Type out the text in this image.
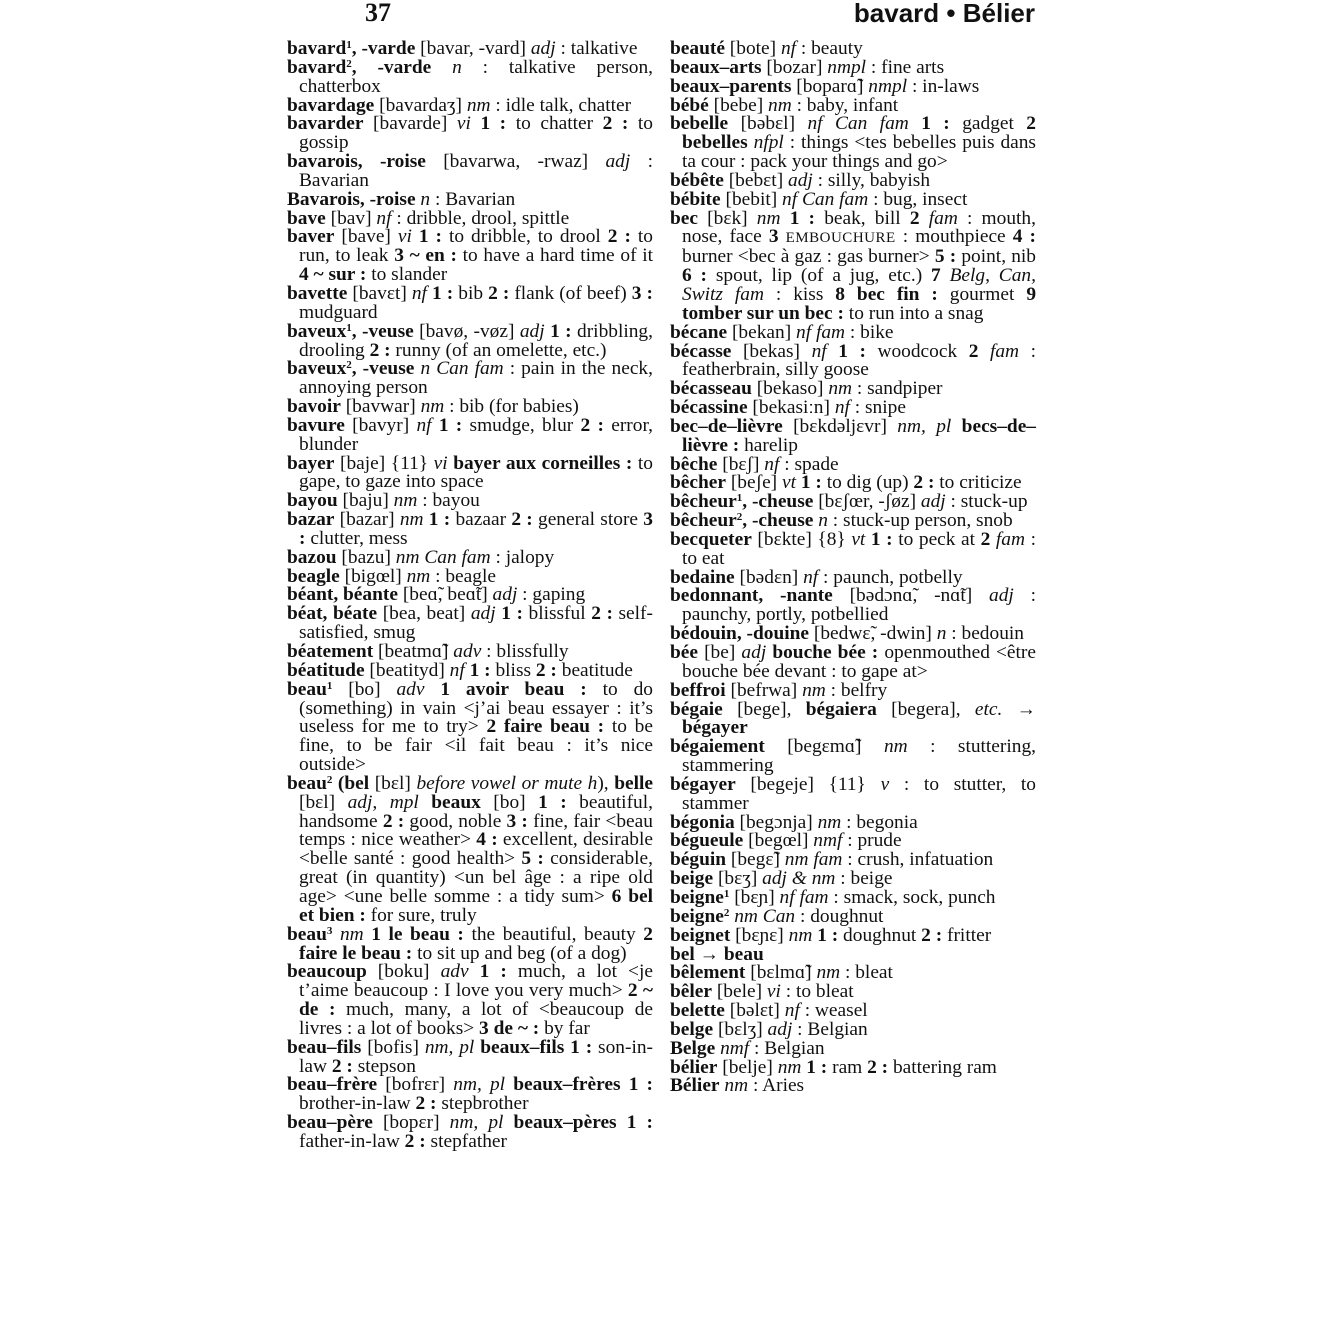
37	bavard • Bélier
bavard$^1$, -varde [bavar, -vard] adj : talkative
bavard$^2$, -varde n : talkative person, chatterbox
bavardage [bavardaʒ] nm : idle talk, chatter
bavarder [bavarde] vi 1 : to chatter 2 : to gossip
bavarois, -roise [bavarwa, -rwaz] adj : Bavarian
Bavarois, -roise n : Bavarian
bave [bav] nf : dribble, drool, spittle
baver [bave] vi 1 : to dribble, to drool 2 : to run, to leak 3 ~ en : to have a hard time of it 4 ~ sur : to slander
bavette [bavɛt] nf 1 : bib 2 : flank (of beef) 3 : mudguard
baveux$^1$, -veuse [bavø, -vøz] adj 1 : dribbling, drooling 2 : runny (of an omelette, etc.)
baveux$^2$, -veuse n Can fam : pain in the neck, annoying person
bavoir [bavwar] nm : bib (for babies)
bavure [bavyr] nf 1 : smudge, blur 2 : error, blunder
bayer [baje] {11} vi bayer aux corneilles : to gape, to gaze into space
bayou [baju] nm : bayou
bazar [bazar] nm 1 : bazaar 2 : general store 3 : clutter, mess
bazou [bazu] nm Can fam : jalopy
beagle [bigœl] nm : beagle
béant, béante [beɑ̃, beɑ̃t] adj : gaping
béat, béate [bea, beat] adj 1 : blissful 2 : self-satisfied, smug
béatement [beatmɑ̃] adv : blissfully
béatitude [beatityd] nf 1 : bliss 2 : beatitude
beau$^1$ [bo] adv 1 avoir beau : to do (something) in vain <j’ai beau essayer : it’s useless for me to try> 2 faire beau : to be fine, to be fair <il fait beau : it’s nice outside>
beau$^2$ (bel [bɛl] before vowel or mute h), belle [bɛl] adj, mpl beaux [bo] 1 : beautiful, handsome 2 : good, noble 3 : fine, fair <beau temps : nice weather> 4 : excellent, desirable <belle santé : good health> 5 : considerable, great (in quantity) <un bel âge : a ripe old age> <une belle somme : a tidy sum> 6 bel et bien : for sure, truly
beau$^3$ nm 1 le beau : the beautiful, beauty 2 faire le beau : to sit up and beg (of a dog)
beaucoup [boku] adv 1 : much, a lot <je t’aime beaucoup : I love you very much> 2 ~ de : much, many, a lot of <beaucoup de livres : a lot of books> 3 de ~ : by far
beau–fils [bofis] nm, pl beaux–fils 1 : son-in-law 2 : stepson
beau–frère [bofrɛr] nm, pl beaux–frères 1 : brother-in-law 2 : stepbrother
beau–père [bopɛr] nm, pl beaux–pères 1 : father-in-law 2 : stepfather
beauté [bote] nf : beauty
beaux–arts [bozar] nmpl : fine arts
beaux–parents [boparɑ̃] nmpl : in-laws
bébé [bebe] nm : baby, infant
bebelle [bəbɛl] nf Can fam 1 : gadget 2 bebelles nfpl : things <tes bebelles puis dans ta cour : pack your things and go>
bébête [bebɛt] adj : silly, babyish
bébite [bebit] nf Can fam : bug, insect
bec [bɛk] nm 1 : beak, bill 2 fam : mouth, nose, face 3 EMBOUCHURE : mouthpiece 4 : burner <bec à gaz : gas burner> 5 : point, nib 6 : spout, lip (of a jug, etc.) 7 Belg, Can, Switz fam : kiss 8 bec fin : gourmet 9 tomber sur un bec : to run into a snag
bécane [bekan] nf fam : bike
bécasse [bekas] nf 1 : woodcock 2 fam : featherbrain, silly goose
bécasseau [bekaso] nm : sandpiper
bécassine [bekasiːn] nf : snipe
bec–de–lièvre [bɛkdəljɛvr] nm, pl becs–de–lièvre : harelip
bêche [bɛʃ] nf : spade
bêcher [beʃe] vt 1 : to dig (up) 2 : to criticize
bêcheur$^1$, -cheuse [bɛʃœr, -ʃøz] adj : stuck-up
bêcheur$^2$, -cheuse n : stuck-up person, snob
becqueter [bɛkte] {8} vt 1 : to peck at 2 fam : to eat
bedaine [bədɛn] nf : paunch, potbelly
bedonnant, -nante [bədɔnɑ̃, -nɑ̃t] adj : paunchy, portly, potbellied
bédouin, -douine [bedwɛ̃, -dwin] n : bedouin
bée [be] adj bouche bée : openmouthed <être bouche bée devant : to gape at>
beffroi [befrwa] nm : belfry
bégaie [bege], bégaiera [begera], etc. → bégayer
bégaiement [begɛmɑ̃] nm : stuttering, stammering
bégayer [begeje] {11} v : to stutter, to stammer
bégonia [begɔnja] nm : begonia
bégueule [begœl] nmf : prude
béguin [begɛ̃] nm fam : crush, infatuation
beige [bɛʒ] adj & nm : beige
beigne$^1$ [bɛɲ] nf fam : smack, sock, punch
beigne$^2$ nm Can : doughnut
beignet [bɛɲɛ] nm 1 : doughnut 2 : fritter
bel → beau
bêlement [bɛlmɑ̃] nm : bleat
bêler [bele] vi : to bleat
belette [bəlɛt] nf : weasel
belge [bɛlʒ] adj : Belgian
Belge nmf : Belgian
bélier [belje] nm 1 : ram 2 : battering ram
Bélier nm : Aries
